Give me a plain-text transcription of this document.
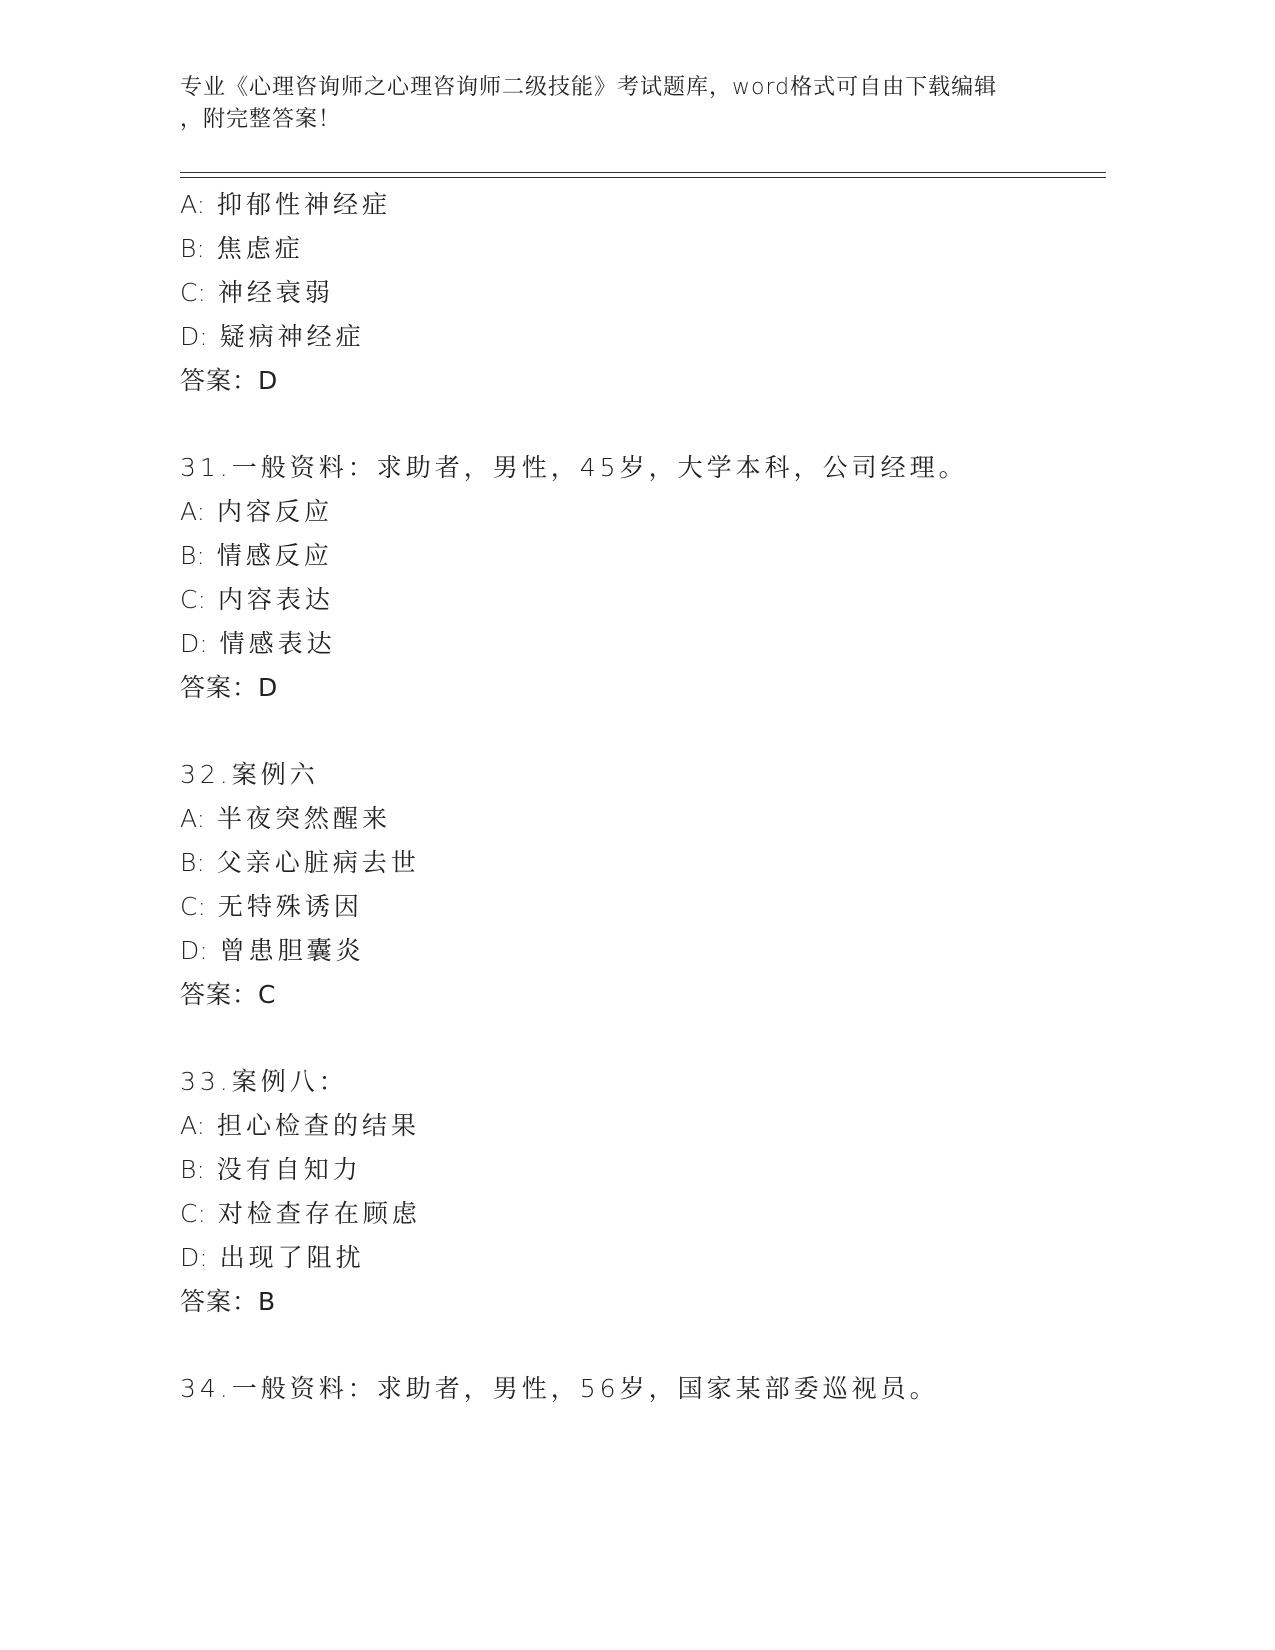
专业《心理咨询师之心理咨询师二级技能》考试题库，word格式可自由下载编辑
，附完整答案！
A: 抑郁性神经症
B: 焦虑症
C: 神经衰弱
D: 疑病神经症
答案：D
31.一般资料：求助者，男性，45岁，大学本科，公司经理。
A: 内容反应
B: 情感反应
C: 内容表达
D: 情感表达
答案：D
32.案例六
A: 半夜突然醒来
B: 父亲心脏病去世
C: 无特殊诱因
D: 曾患胆囊炎
答案：C
33.案例八：
A: 担心检查的结果
B: 没有自知力
C: 对检查存在顾虑
D: 出现了阻扰
答案：B
34.一般资料：求助者，男性，56岁，国家某部委巡视员。
